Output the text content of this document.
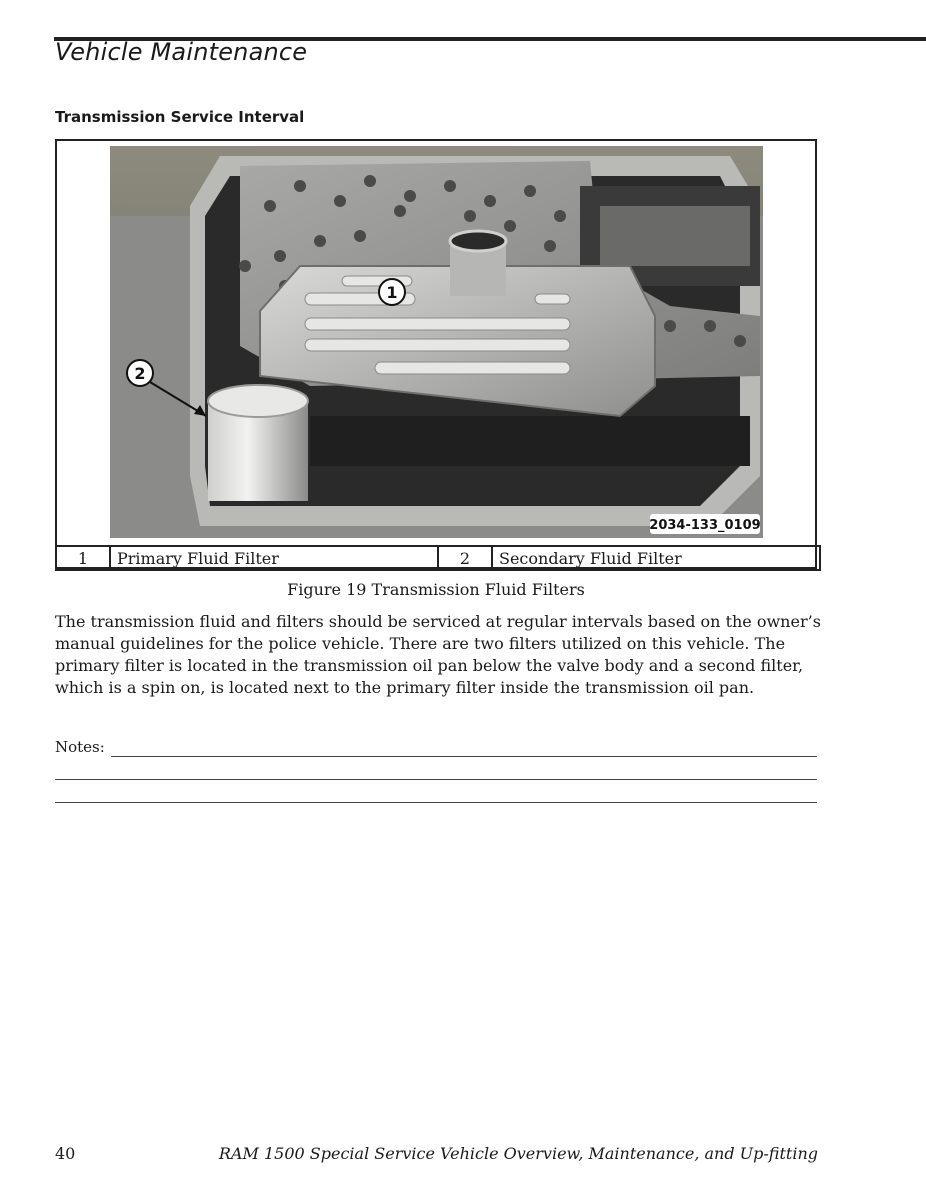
Vehicle Maintenance
Transmission Service Interval
1
2
2034-133_0109
1	Primary Fluid Filter	2	Secondary Fluid Filter
Figure 19 Transmission Fluid Filters
The transmission fluid and filters should be serviced at regular intervals based on the owner’s manual guidelines for the police vehicle. There are two filters utilized on this vehicle. The primary filter is located in the transmission oil pan below the valve body and a second filter, which is a spin on, is located next to the primary filter inside the transmission oil pan.
Notes:
40	RAM 1500 Special Service Vehicle Overview, Maintenance, and Up-fitting
